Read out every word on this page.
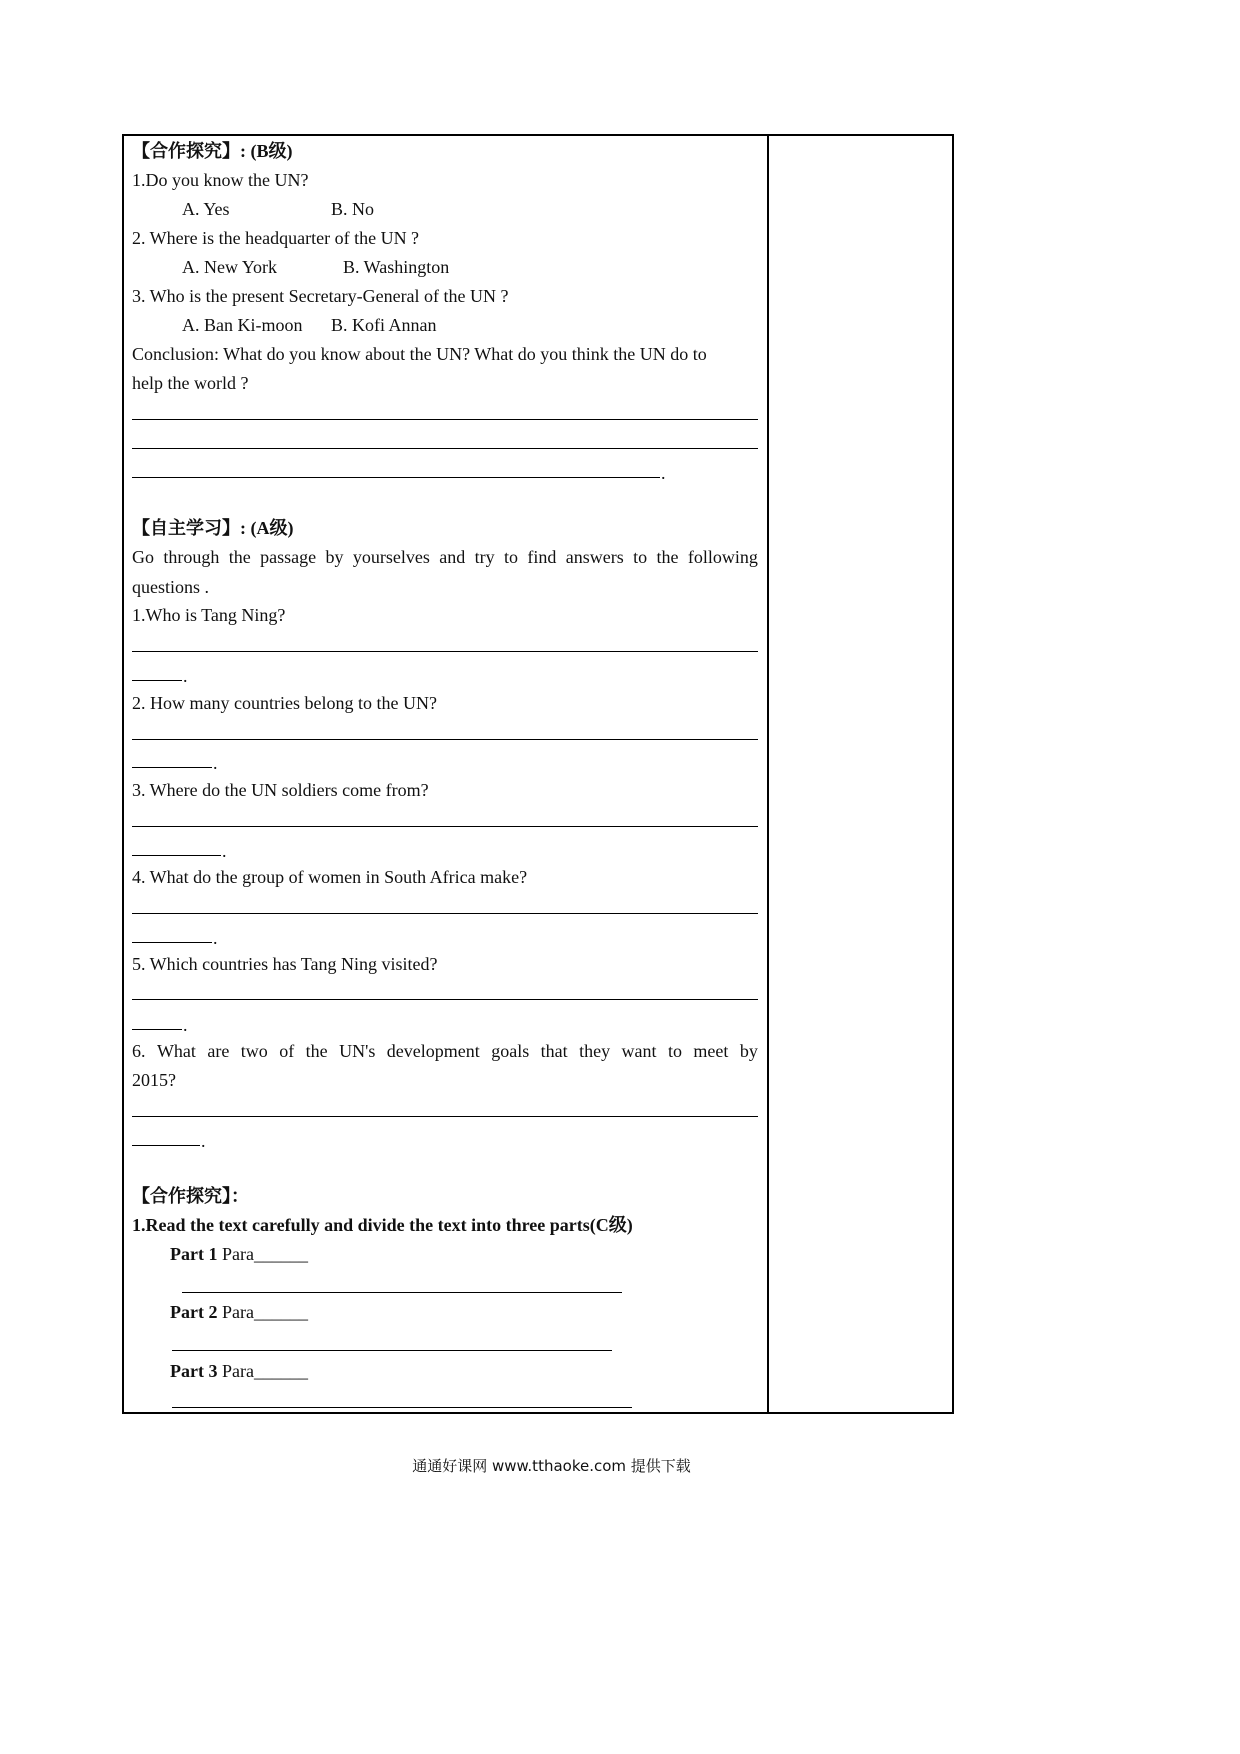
【合作探究】: (B级)
1.Do you know the UN?
A. Yes	B. No
2. Where is the headquarter of the UN ?
A. New York	B. Washington
3. Who is the present Secretary-General of the UN ?
A. Ban Ki-moon B. Kofi Annan
Conclusion: What do you know about the UN? What do you think the UN do to
help the world ?
.
【自主学习】: (A级)
Go through the passage by yourselves and try to find answers to the following
questions .
1.Who is Tang Ning?
.
2. How many countries belong to the UN?
.
3. Where do the UN soldiers come from?
.
4. What do the group of women in South Africa make?
.
5. Which countries has Tang Ning visited?
.
6. What are two of the UN's development goals that they want to meet by
2015?
.
【合作探究】：
1.Read the text carefully and divide the text into three parts(C级)
Part 1 Para______
Part 2 Para______
Part 3 Para______
通通好课网 www.tthaoke.com 提供下载
